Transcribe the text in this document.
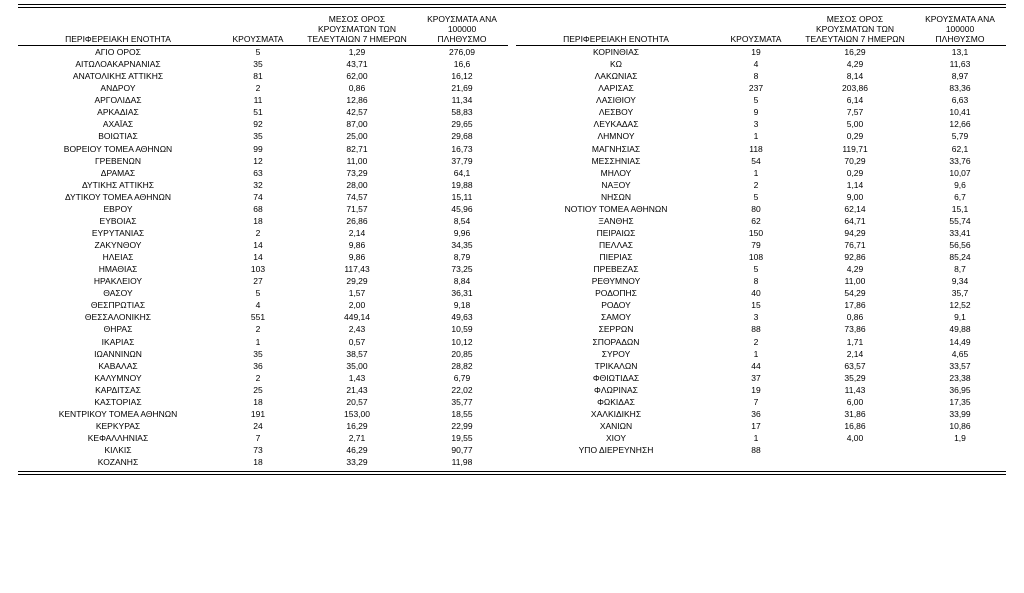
ΠΕΡΙΦΕΡΕΙΑΚΗ ΕΝΟΤΗΤΑ	ΚΡΟΥΣΜΑΤΑ	
ΜΕΣΟΣ ΟΡΟΣ
ΚΡΟΥΣΜΑΤΩΝ ΤΩΝ
ΤΕΛΕΥΤΑΙΩΝ 7 ΗΜΕΡΩΝ

ΚΡΟΥΣΜΑΤΑ ΑΝΑ 100000
ΠΛΗΘΥΣΜΟ

ΑΓΙΟ ΟΡΟΣ	5	1,29	276,09
ΑΙΤΩΛΟΑΚΑΡΝΑΝΙΑΣ	35	43,71	16,6
ΑΝΑΤΟΛΙΚΗΣ ΑΤΤΙΚΗΣ	81	62,00	16,12
ΑΝΔΡΟΥ	2	0,86	21,69
ΑΡΓΟΛΙΔΑΣ	11	12,86	11,34
ΑΡΚΑΔΙΑΣ	51	42,57	58,83
ΑΧΑΪΑΣ	92	87,00	29,65
ΒΟΙΩΤΙΑΣ	35	25,00	29,68
ΒΟΡΕΙΟΥ ΤΟΜΕΑ ΑΘΗΝΩΝ	99	82,71	16,73
ΓΡΕΒΕΝΩΝ	12	11,00	37,79
ΔΡΑΜΑΣ	63	73,29	64,1
ΔΥΤΙΚΗΣ ΑΤΤΙΚΗΣ	32	28,00	19,88
ΔΥΤΙΚΟΥ ΤΟΜΕΑ ΑΘΗΝΩΝ	74	74,57	15,11
ΕΒΡΟΥ	68	71,57	45,96
ΕΥΒΟΙΑΣ	18	26,86	8,54
ΕΥΡΥΤΑΝΙΑΣ	2	2,14	9,96
ΖΑΚΥΝΘΟΥ	14	9,86	34,35
ΗΛΕΙΑΣ	14	9,86	8,79
ΗΜΑΘΙΑΣ	103	117,43	73,25
ΗΡΑΚΛΕΙΟΥ	27	29,29	8,84
ΘΑΣΟΥ	5	1,57	36,31
ΘΕΣΠΡΩΤΙΑΣ	4	2,00	9,18
ΘΕΣΣΑΛΟΝΙΚΗΣ	551	449,14	49,63
ΘΗΡΑΣ	2	2,43	10,59
ΙΚΑΡΙΑΣ	1	0,57	10,12
ΙΩΑΝΝΙΝΩΝ	35	38,57	20,85
ΚΑΒΑΛΑΣ	36	35,00	28,82
ΚΑΛΥΜΝΟΥ	2	1,43	6,79
ΚΑΡΔΙΤΣΑΣ	25	21,43	22,02
ΚΑΣΤΟΡΙΑΣ	18	20,57	35,77
ΚΕΝΤΡΙΚΟΥ ΤΟΜΕΑ ΑΘΗΝΩΝ	191	153,00	18,55
ΚΕΡΚΥΡΑΣ	24	16,29	22,99
ΚΕΦΑΛΛΗΝΙΑΣ	7	2,71	19,55
ΚΙΛΚΙΣ	73	46,29	90,77
ΚΟΖΑΝΗΣ	18	33,29	11,98
ΠΕΡΙΦΕΡΕΙΑΚΗ ΕΝΟΤΗΤΑ	ΚΡΟΥΣΜΑΤΑ	
ΜΕΣΟΣ ΟΡΟΣ
ΚΡΟΥΣΜΑΤΩΝ ΤΩΝ
ΤΕΛΕΥΤΑΙΩΝ 7 ΗΜΕΡΩΝ

ΚΡΟΥΣΜΑΤΑ ΑΝΑ 100000
ΠΛΗΘΥΣΜΟ

ΚΟΡΙΝΘΙΑΣ	19	16,29	13,1
ΚΩ	4	4,29	11,63
ΛΑΚΩΝΙΑΣ	8	8,14	8,97
ΛΑΡΙΣΑΣ	237	203,86	83,36
ΛΑΣΙΘΙΟΥ	5	6,14	6,63
ΛΕΣΒΟΥ	9	7,57	10,41
ΛΕΥΚΑΔΑΣ	3	5,00	12,66
ΛΗΜΝΟΥ	1	0,29	5,79
ΜΑΓΝΗΣΙΑΣ	118	119,71	62,1
ΜΕΣΣΗΝΙΑΣ	54	70,29	33,76
ΜΗΛΟΥ	1	0,29	10,07
ΝΑΞΟΥ	2	1,14	9,6
ΝΗΣΩΝ	5	9,00	6,7
ΝΟΤΙΟΥ ΤΟΜΕΑ ΑΘΗΝΩΝ	80	62,14	15,1
ΞΑΝΘΗΣ	62	64,71	55,74
ΠΕΙΡΑΙΩΣ	150	94,29	33,41
ΠΕΛΛΑΣ	79	76,71	56,56
ΠΙΕΡΙΑΣ	108	92,86	85,24
ΠΡΕΒΕΖΑΣ	5	4,29	8,7
ΡΕΘΥΜΝΟΥ	8	11,00	9,34
ΡΟΔΟΠΗΣ	40	54,29	35,7
ΡΟΔΟΥ	15	17,86	12,52
ΣΑΜΟΥ	3	0,86	9,1
ΣΕΡΡΩΝ	88	73,86	49,88
ΣΠΟΡΑΔΩΝ	2	1,71	14,49
ΣΥΡΟΥ	1	2,14	4,65
ΤΡΙΚΑΛΩΝ	44	63,57	33,57
ΦΘΙΩΤΙΔΑΣ	37	35,29	23,38
ΦΛΩΡΙΝΑΣ	19	11,43	36,95
ΦΩΚΙΔΑΣ	7	6,00	17,35
ΧΑΛΚΙΔΙΚΗΣ	36	31,86	33,99
ΧΑΝΙΩΝ	17	16,86	10,86
ΧΙΟΥ	1	4,00	1,9
ΥΠΟ ΔΙΕΡΕΥΝΗΣΗ	88		
